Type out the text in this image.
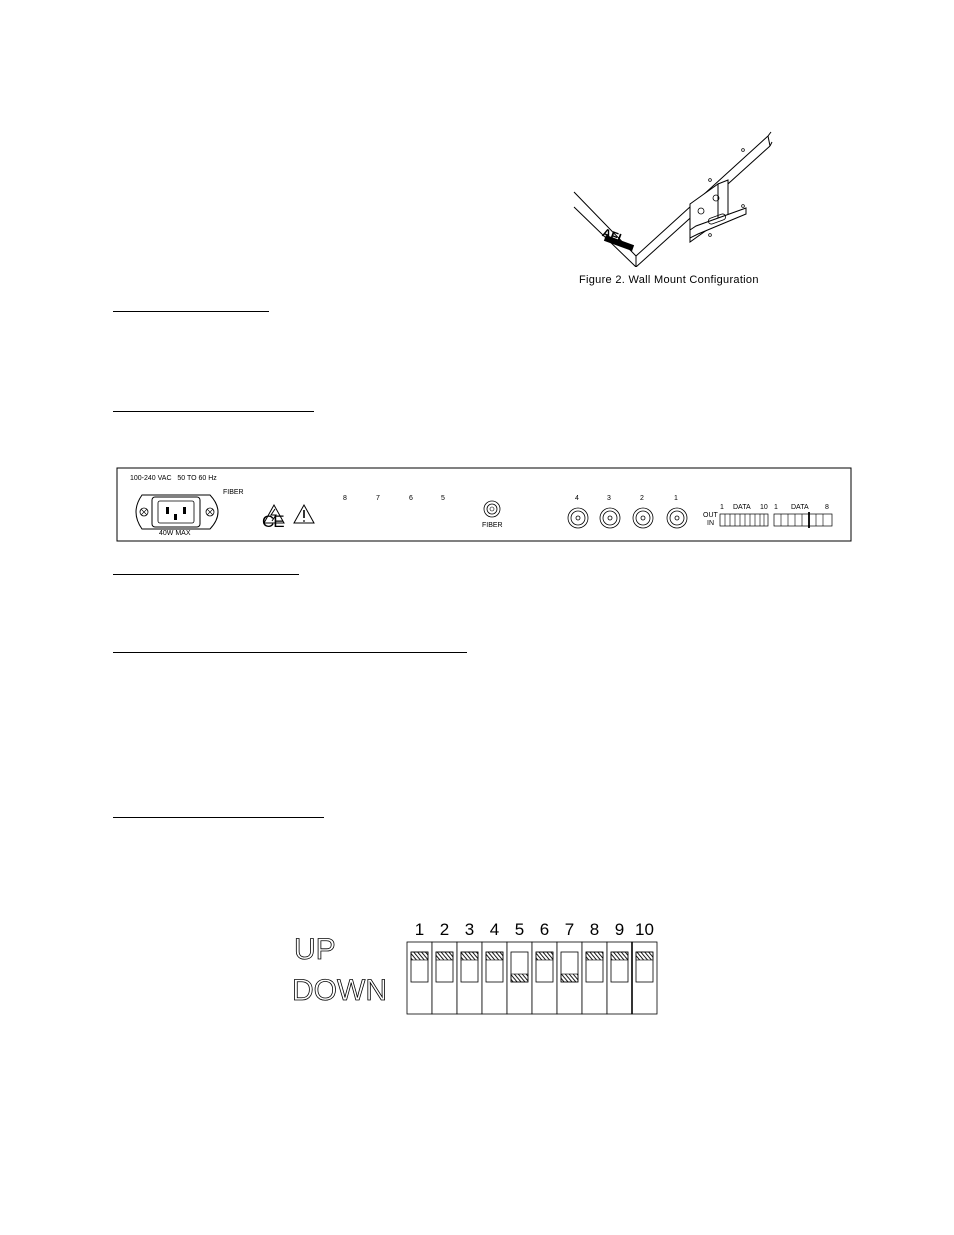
AFI
Figure 2. Wall Mount Configuration
100-240 VAC   50 TO 60 Hz
FIBER
40W MAX
CE
8	7	6	5
FIBER
4	3	2	1
OUT
IN
1 DATA 10 1 DATA 8
UP
DOWN
1 2 3 4 5 6 7 8 9 10
